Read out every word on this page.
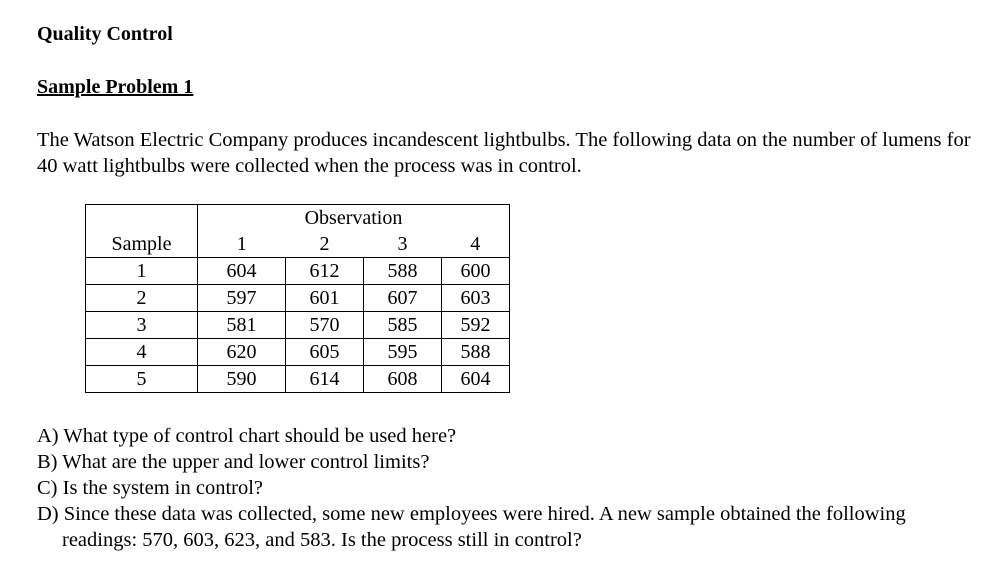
Quality Control
Sample Problem 1

The Watson Electric Company produces incandescent lightbulbs. The following data on the number of lumens for 40 watt lightbulbs were collected when the process was in control.

	Observation			
Sample	1	2	3	4
1	604	612	588	600
2	597	601	607	603
3	581	570	585	592
4	620	605	595	588
5	590	614	608	604
A) What type of control chart should be used here?
B) What are the upper and lower control limits?
C) Is the system in control?
D) Since these data was collected, some new employees were hired. A new sample obtained the following readings: 570, 603, 623, and 583. Is the process still in control?
